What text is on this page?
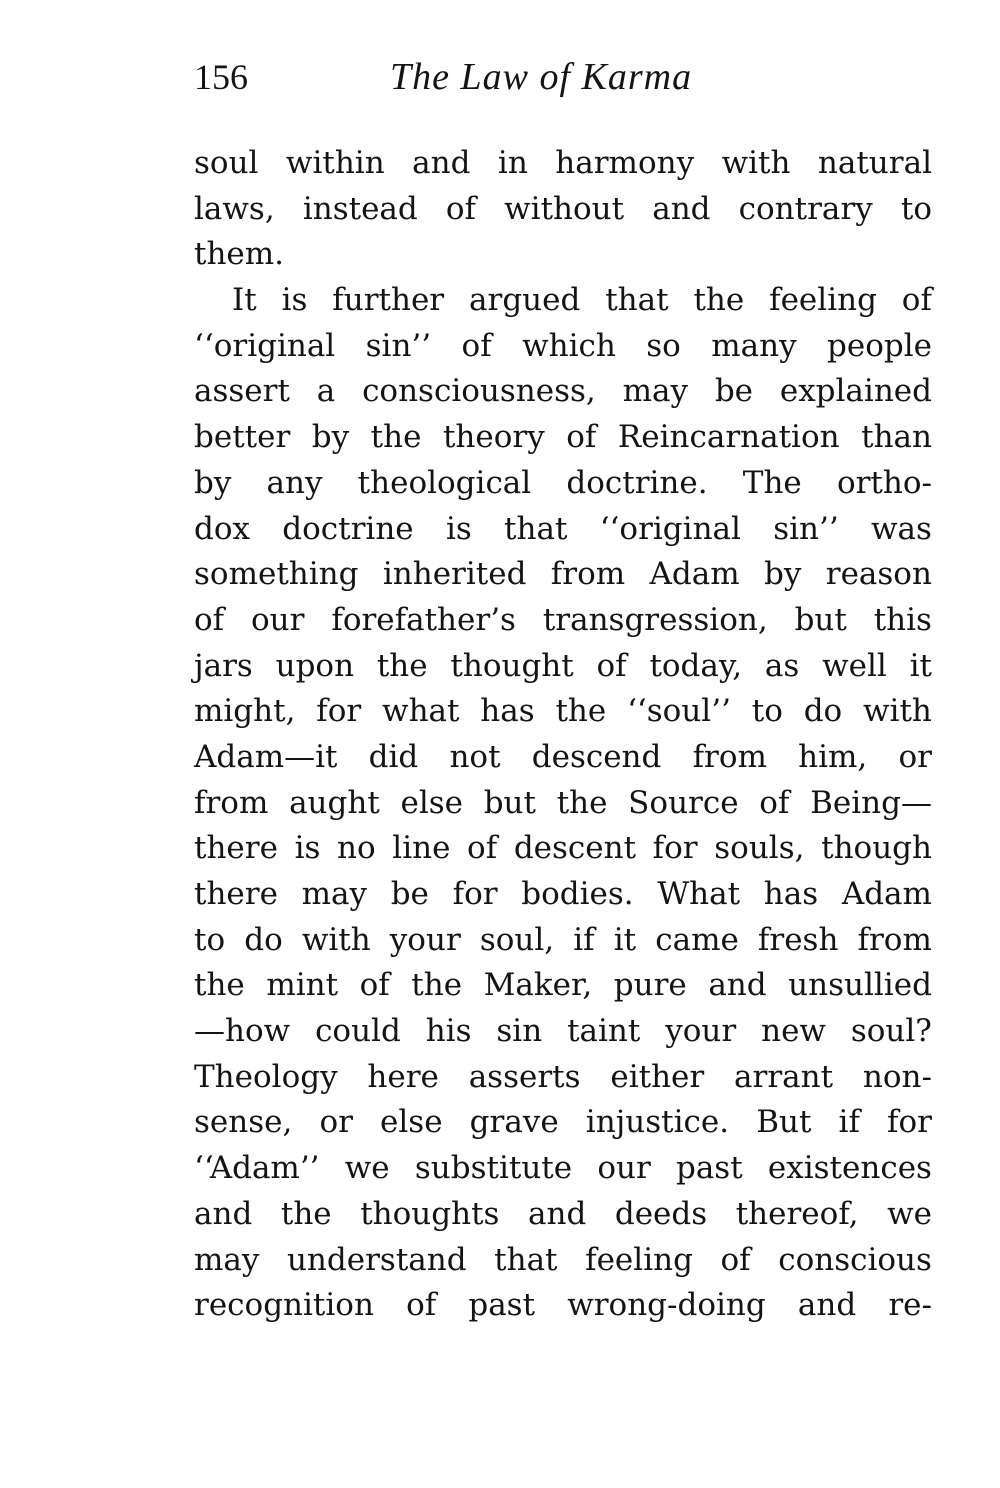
156	The Law of Karma
soul within and in harmony with natural
laws, instead of without and contrary to
them.
It is further argued that the feeling of
‘‘original sin’’ of which so many people
assert a consciousness, may be explained
better by the theory of Reincarnation than
by any theological doctrine. The ortho-
dox doctrine is that ‘‘original sin’’ was
something inherited from Adam by reason
of our forefather’s transgression, but this
jars upon the thought of today, as well it
might, for what has the ‘‘soul’’ to do with
Adam—it did not descend from him, or
from aught else but the Source of Being—
there is no line of descent for souls, though
there may be for bodies. What has Adam
to do with your soul, if it came fresh from
the mint of the Maker, pure and unsullied
—how could his sin taint your new soul?
Theology here asserts either arrant non-
sense, or else grave injustice. But if for
‘‘Adam’’ we substitute our past existences
and the thoughts and deeds thereof, we
may understand that feeling of conscious
recognition of past wrong-doing and re-
